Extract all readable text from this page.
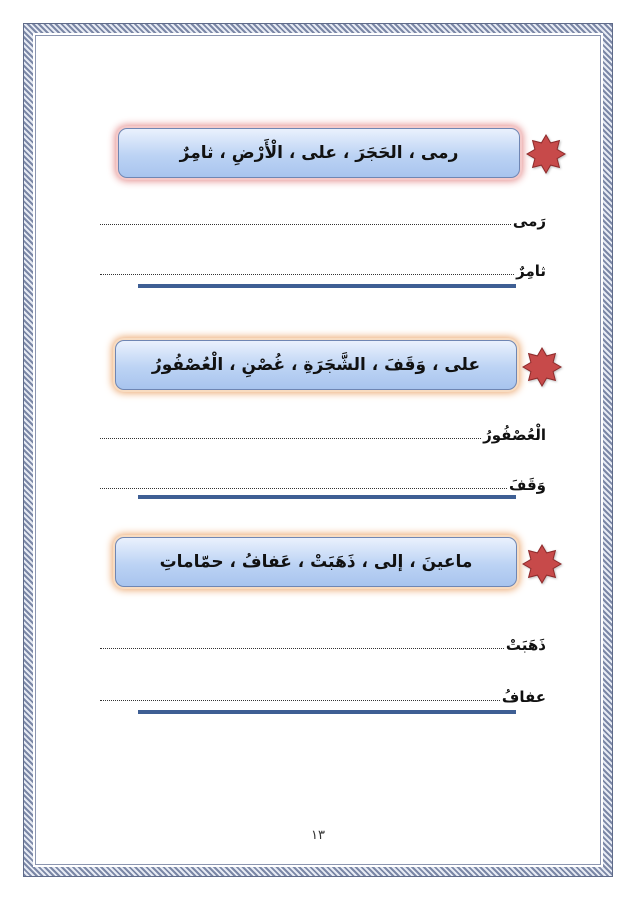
رمى ، الحَجَرَ ، على ، الْأَرْضِ ، ثامِرٌ
رَمى
ثامِرٌ
على ، وَقَفَ ، الشَّجَرَةِ ، غُصْنِ ، الْعُصْفُورُ
الْعُصْفُورُ
وَقَفَ
ماعينَ ، إلى ، ذَهَبَتْ ، عَفافُ ، حمّاماتِ
ذَهَبَتْ
عفافُ
١٣
